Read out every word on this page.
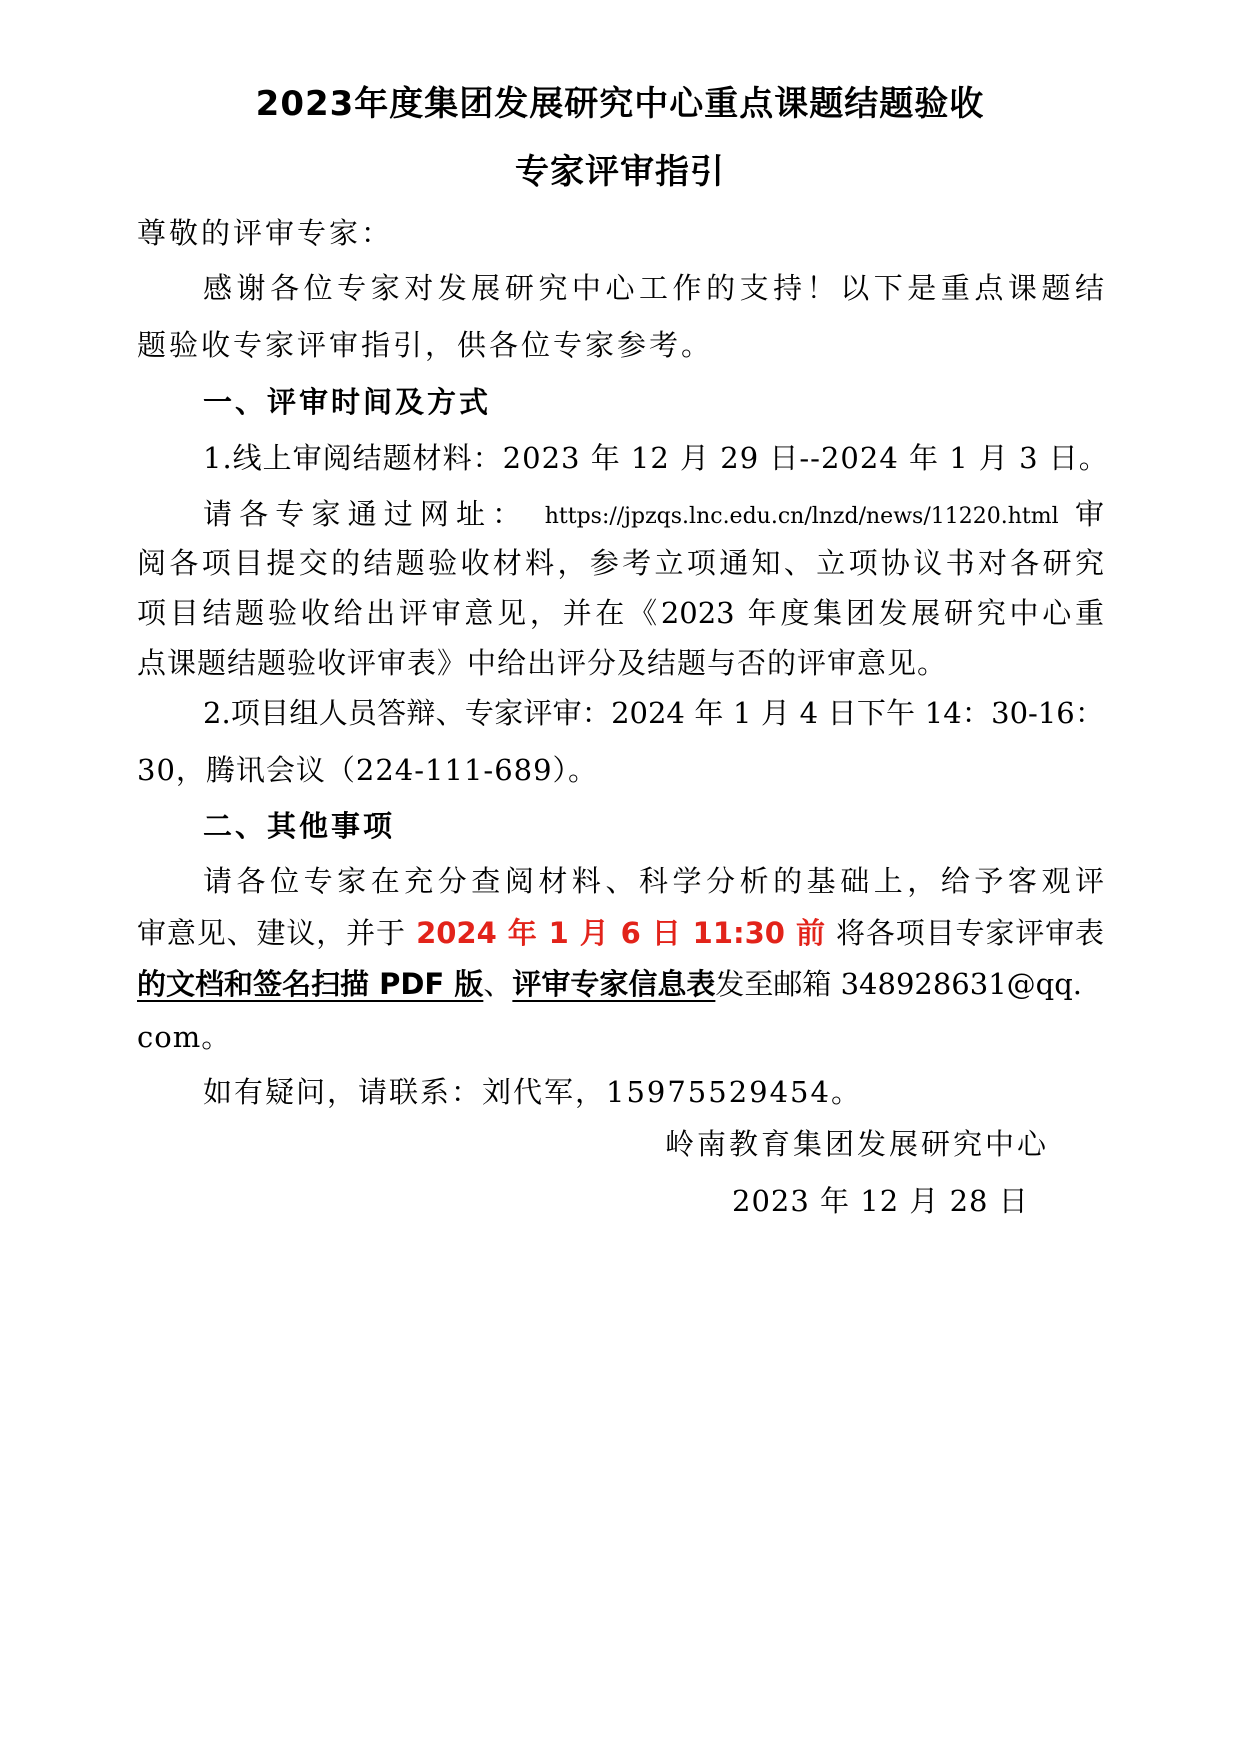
2023年度集团发展研究中心重点课题结题验收
专家评审指引
尊敬的评审专家：
感谢各位专家对发展研究中心工作的支持！以下是重点课题结
题验收专家评审指引，供各位专家参考。
一、评审时间及方式
1.线上审阅结题材料：2023 年 12 月 29 日--2024 年 1 月 3 日。
请各专家通过网址： https://jpzqs.lnc.edu.cn/lnzd/news/11220.html 审
阅各项目提交的结题验收材料，参考立项通知、立项协议书对各研究
项目结题验收给出评审意见，并在《2023 年度集团发展研究中心重
点课题结题验收评审表》中给出评分及结题与否的评审意见。
2.项目组人员答辩、专家评审：2024 年 1 月 4 日下午 14：30-16：
30，腾讯会议（224-111-689）。
二、其他事项
请各位专家在充分查阅材料、科学分析的基础上，给予客观评
审意见、建议，并于 2024 年 1 月 6 日 11:30 前 将各项目专家评审表
的文档和签名扫描 PDF 版、评审专家信息表发至邮箱 348928631@qq.
com。
如有疑问，请联系：刘代军，15975529454。
岭南教育集团发展研究中心
2023 年 12 月 28 日
